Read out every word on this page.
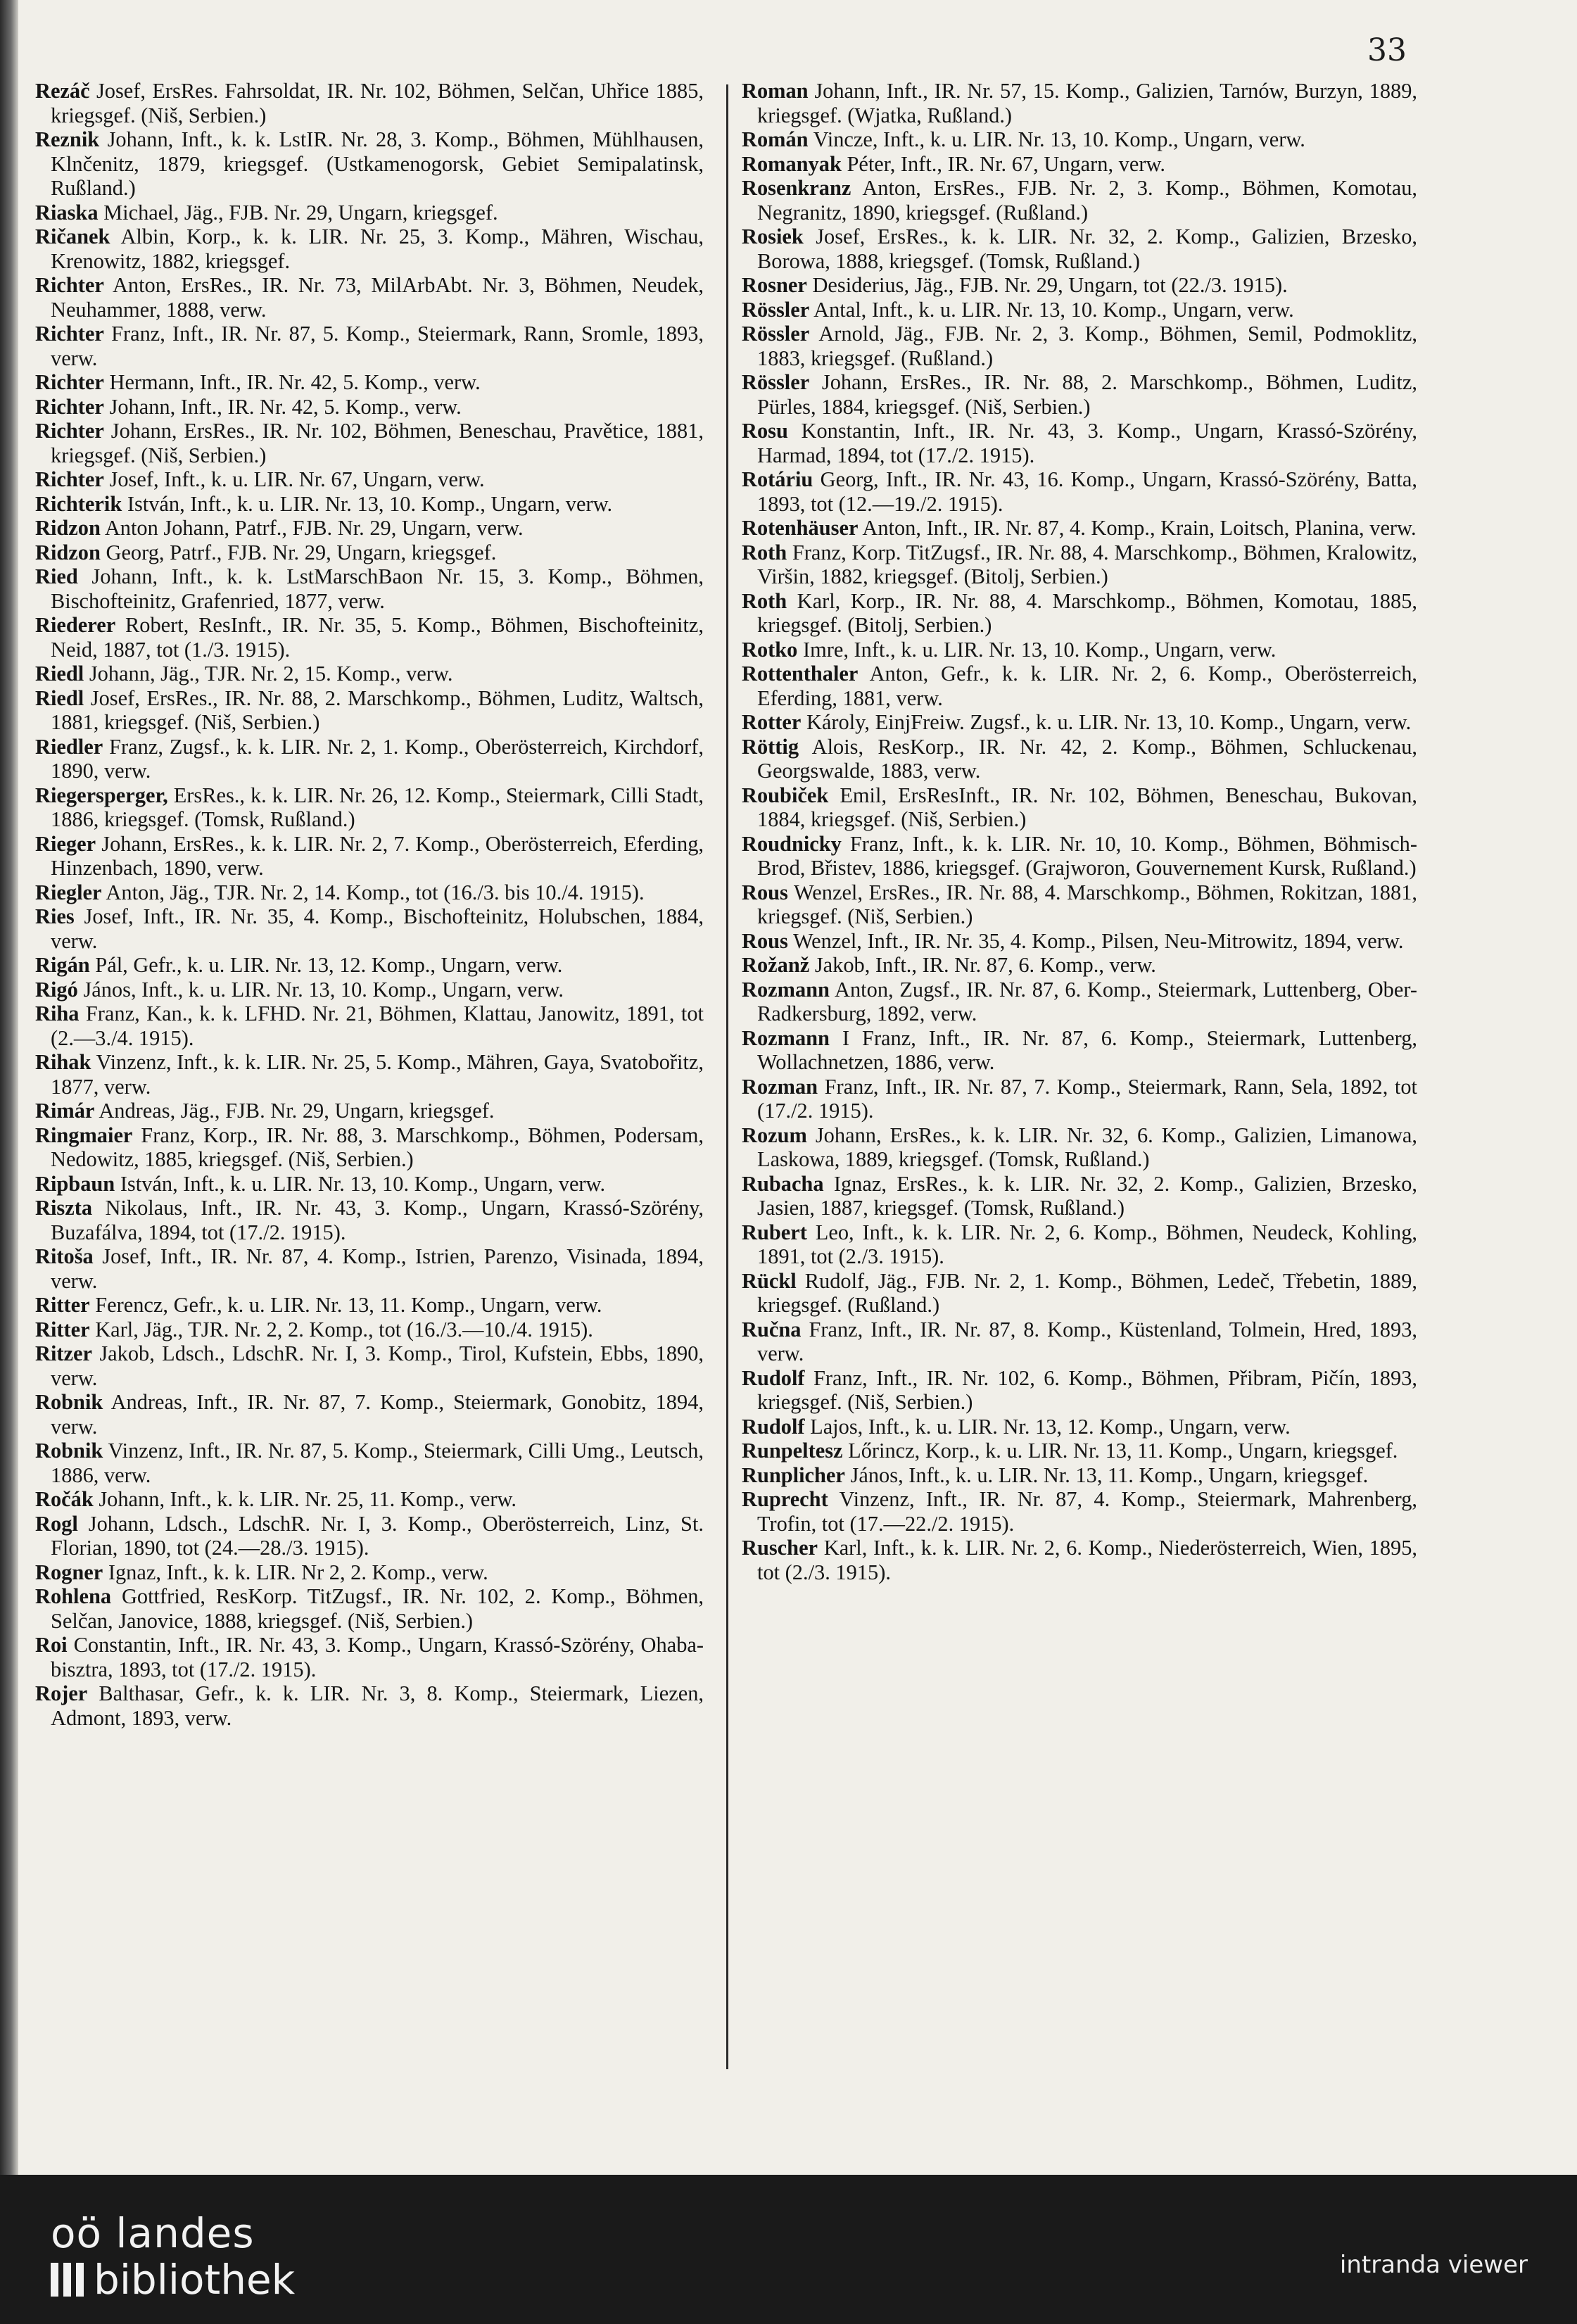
33

Rezáč Josef, ErsRes. Fahrsoldat, IR. Nr. 102, Böhmen, Selčan, Uhřice 1885, kriegsgef. (Niš, Serbien.)

Reznik Johann, Inft., k. k. LstIR. Nr. 28, 3. Komp., Böhmen, Mühlhausen, Klnčenitz, 1879, kriegsgef. (Ustkamenogorsk, Gebiet Semipalatinsk, Rußland.)

Riaska Michael, Jäg., FJB. Nr. 29, Ungarn, kriegsgef.

Ričanek Albin, Korp., k. k. LIR. Nr. 25, 3. Komp., Mähren, Wischau, Krenowitz, 1882, kriegsgef.

Richter Anton, ErsRes., IR. Nr. 73, MilArbAbt. Nr. 3, Böhmen, Neudek, Neuhammer, 1888, verw.

Richter Franz, Inft., IR. Nr. 87, 5. Komp., Steiermark, Rann, Sromle, 1893, verw.

Richter Hermann, Inft., IR. Nr. 42, 5. Komp., verw.

Richter Johann, Inft., IR. Nr. 42, 5. Komp., verw.

Richter Johann, ErsRes., IR. Nr. 102, Böhmen, Beneschau, Pravětice, 1881, kriegsgef. (Niš, Serbien.)

Richter Josef, Inft., k. u. LIR. Nr. 67, Ungarn, verw.

Richterik István, Inft., k. u. LIR. Nr. 13, 10. Komp., Ungarn, verw.

Ridzon Anton Johann, Patrf., FJB. Nr. 29, Ungarn, verw.

Ridzon Georg, Patrf., FJB. Nr. 29, Ungarn, kriegsgef.

Ried Johann, Inft., k. k. LstMarschBaon Nr. 15, 3. Komp., Böhmen, Bischofteinitz, Grafenried, 1877, verw.

Riederer Robert, ResInft., IR. Nr. 35, 5. Komp., Böhmen, Bischofteinitz, Neid, 1887, tot (1./3. 1915).

Riedl Johann, Jäg., TJR. Nr. 2, 15. Komp., verw.

Riedl Josef, ErsRes., IR. Nr. 88, 2. Marschkomp., Böhmen, Luditz, Waltsch, 1881, kriegsgef. (Niš, Serbien.)

Riedler Franz, Zugsf., k. k. LIR. Nr. 2, 1. Komp., Oberösterreich, Kirchdorf, 1890, verw.

Riegersperger, ErsRes., k. k. LIR. Nr. 26, 12. Komp., Steiermark, Cilli Stadt, 1886, kriegsgef. (Tomsk, Rußland.)

Rieger Johann, ErsRes., k. k. LIR. Nr. 2, 7. Komp., Oberösterreich, Eferding, Hinzenbach, 1890, verw.

Riegler Anton, Jäg., TJR. Nr. 2, 14. Komp., tot (16./3. bis 10./4. 1915).

Ries Josef, Inft., IR. Nr. 35, 4. Komp., Bischofteinitz, Holubschen, 1884, verw.

Rigán Pál, Gefr., k. u. LIR. Nr. 13, 12. Komp., Ungarn, verw.

Rigó János, Inft., k. u. LIR. Nr. 13, 10. Komp., Ungarn, verw.

Riha Franz, Kan., k. k. LFHD. Nr. 21, Böhmen, Klattau, Janowitz, 1891, tot (2.—3./4. 1915).

Rihak Vinzenz, Inft., k. k. LIR. Nr. 25, 5. Komp., Mähren, Gaya, Svatobořitz, 1877, verw.

Rimár Andreas, Jäg., FJB. Nr. 29, Ungarn, kriegsgef.

Ringmaier Franz, Korp., IR. Nr. 88, 3. Marschkomp., Böhmen, Podersam, Nedowitz, 1885, kriegsgef. (Niš, Serbien.)

Ripbaun István, Inft., k. u. LIR. Nr. 13, 10. Komp., Ungarn, verw.

Riszta Nikolaus, Inft., IR. Nr. 43, 3. Komp., Ungarn, Krassó-Szörény, Buzafálva, 1894, tot (17./2. 1915).

Ritoša Josef, Inft., IR. Nr. 87, 4. Komp., Istrien, Parenzo, Visinada, 1894, verw.

Ritter Ferencz, Gefr., k. u. LIR. Nr. 13, 11. Komp., Ungarn, verw.

Ritter Karl, Jäg., TJR. Nr. 2, 2. Komp., tot (16./3.—10./4. 1915).

Ritzer Jakob, Ldsch., LdschR. Nr. I, 3. Komp., Tirol, Kufstein, Ebbs, 1890, verw.

Robnik Andreas, Inft., IR. Nr. 87, 7. Komp., Steiermark, Gonobitz, 1894, verw.

Robnik Vinzenz, Inft., IR. Nr. 87, 5. Komp., Steiermark, Cilli Umg., Leutsch, 1886, verw.

Ročák Johann, Inft., k. k. LIR. Nr. 25, 11. Komp., verw.

Rogl Johann, Ldsch., LdschR. Nr. I, 3. Komp., Oberösterreich, Linz, St. Florian, 1890, tot (24.—28./3. 1915).

Rogner Ignaz, Inft., k. k. LIR. Nr 2, 2. Komp., verw.

Rohlena Gottfried, ResKorp. TitZugsf., IR. Nr. 102, 2. Komp., Böhmen, Selčan, Janovice, 1888, kriegsgef. (Niš, Serbien.)

Roi Constantin, Inft., IR. Nr. 43, 3. Komp., Ungarn, Krassó-Szörény, Ohaba-bisztra, 1893, tot (17./2. 1915).

Rojer Balthasar, Gefr., k. k. LIR. Nr. 3, 8. Komp., Steiermark, Liezen, Admont, 1893, verw.

Roman Johann, Inft., IR. Nr. 57, 15. Komp., Galizien, Tarnów, Burzyn, 1889, kriegsgef. (Wjatka, Rußland.)

Román Vincze, Inft., k. u. LIR. Nr. 13, 10. Komp., Ungarn, verw.

Romanyak Péter, Inft., IR. Nr. 67, Ungarn, verw.

Rosenkranz Anton, ErsRes., FJB. Nr. 2, 3. Komp., Böhmen, Komotau, Negranitz, 1890, kriegsgef. (Rußland.)

Rosiek Josef, ErsRes., k. k. LIR. Nr. 32, 2. Komp., Galizien, Brzesko, Borowa, 1888, kriegsgef. (Tomsk, Rußland.)

Rosner Desiderius, Jäg., FJB. Nr. 29, Ungarn, tot (22./3. 1915).

Rössler Antal, Inft., k. u. LIR. Nr. 13, 10. Komp., Ungarn, verw.

Rössler Arnold, Jäg., FJB. Nr. 2, 3. Komp., Böhmen, Semil, Podmoklitz, 1883, kriegsgef. (Rußland.)

Rössler Johann, ErsRes., IR. Nr. 88, 2. Marschkomp., Böhmen, Luditz, Pürles, 1884, kriegsgef. (Niš, Serbien.)

Rosu Konstantin, Inft., IR. Nr. 43, 3. Komp., Ungarn, Krassó-Szörény, Harmad, 1894, tot (17./2. 1915).

Rotáriu Georg, Inft., IR. Nr. 43, 16. Komp., Ungarn, Krassó-Szörény, Batta, 1893, tot (12.—19./2. 1915).

Rotenhäuser Anton, Inft., IR. Nr. 87, 4. Komp., Krain, Loitsch, Planina, verw.

Roth Franz, Korp. TitZugsf., IR. Nr. 88, 4. Marschkomp., Böhmen, Kralowitz, Viršin, 1882, kriegsgef. (Bitolj, Serbien.)

Roth Karl, Korp., IR. Nr. 88, 4. Marschkomp., Böhmen, Komotau, 1885, kriegsgef. (Bitolj, Serbien.)

Rotko Imre, Inft., k. u. LIR. Nr. 13, 10. Komp., Ungarn, verw.

Rottenthaler Anton, Gefr., k. k. LIR. Nr. 2, 6. Komp., Oberösterreich, Eferding, 1881, verw.

Rotter Károly, EinjFreiw. Zugsf., k. u. LIR. Nr. 13, 10. Komp., Ungarn, verw.

Röttig Alois, ResKorp., IR. Nr. 42, 2. Komp., Böhmen, Schluckenau, Georgswalde, 1883, verw.

Roubiček Emil, ErsResInft., IR. Nr. 102, Böhmen, Beneschau, Bukovan, 1884, kriegsgef. (Niš, Serbien.)

Roudnicky Franz, Inft., k. k. LIR. Nr. 10, 10. Komp., Böhmen, Böhmisch-Brod, Břistev, 1886, kriegsgef. (Grajworon, Gouvernement Kursk, Rußland.)

Rous Wenzel, ErsRes., IR. Nr. 88, 4. Marschkomp., Böhmen, Rokitzan, 1881, kriegsgef. (Niš, Serbien.)

Rous Wenzel, Inft., IR. Nr. 35, 4. Komp., Pilsen, Neu-Mitrowitz, 1894, verw.

Rožanž Jakob, Inft., IR. Nr. 87, 6. Komp., verw.

Rozmann Anton, Zugsf., IR. Nr. 87, 6. Komp., Steiermark, Luttenberg, Ober-Radkersburg, 1892, verw.

Rozmann I Franz, Inft., IR. Nr. 87, 6. Komp., Steiermark, Luttenberg, Wollachnetzen, 1886, verw.

Rozman Franz, Inft., IR. Nr. 87, 7. Komp., Steiermark, Rann, Sela, 1892, tot (17./2. 1915).

Rozum Johann, ErsRes., k. k. LIR. Nr. 32, 6. Komp., Galizien, Limanowa, Laskowa, 1889, kriegsgef. (Tomsk, Rußland.)

Rubacha Ignaz, ErsRes., k. k. LIR. Nr. 32, 2. Komp., Galizien, Brzesko, Jasien, 1887, kriegsgef. (Tomsk, Rußland.)

Rubert Leo, Inft., k. k. LIR. Nr. 2, 6. Komp., Böhmen, Neudeck, Kohling, 1891, tot (2./3. 1915).

Rückl Rudolf, Jäg., FJB. Nr. 2, 1. Komp., Böhmen, Ledeč, Třebetin, 1889, kriegsgef. (Rußland.)

Ručna Franz, Inft., IR. Nr. 87, 8. Komp., Küstenland, Tolmein, Hred, 1893, verw.

Rudolf Franz, Inft., IR. Nr. 102, 6. Komp., Böhmen, Přibram, Pičín, 1893, kriegsgef. (Niš, Serbien.)

Rudolf Lajos, Inft., k. u. LIR. Nr. 13, 12. Komp., Ungarn, verw.

Runpeltesz Lőrincz, Korp., k. u. LIR. Nr. 13, 11. Komp., Ungarn, kriegsgef.

Runplicher János, Inft., k. u. LIR. Nr. 13, 11. Komp., Ungarn, kriegsgef.

Ruprecht Vinzenz, Inft., IR. Nr. 87, 4. Komp., Steiermark, Mahrenberg, Trofin, tot (17.—22./2. 1915).

Ruscher Karl, Inft., k. k. LIR. Nr. 2, 6. Komp., Niederösterreich, Wien, 1895, tot (2./3. 1915).

oö landes
bibliothek	intranda viewer
